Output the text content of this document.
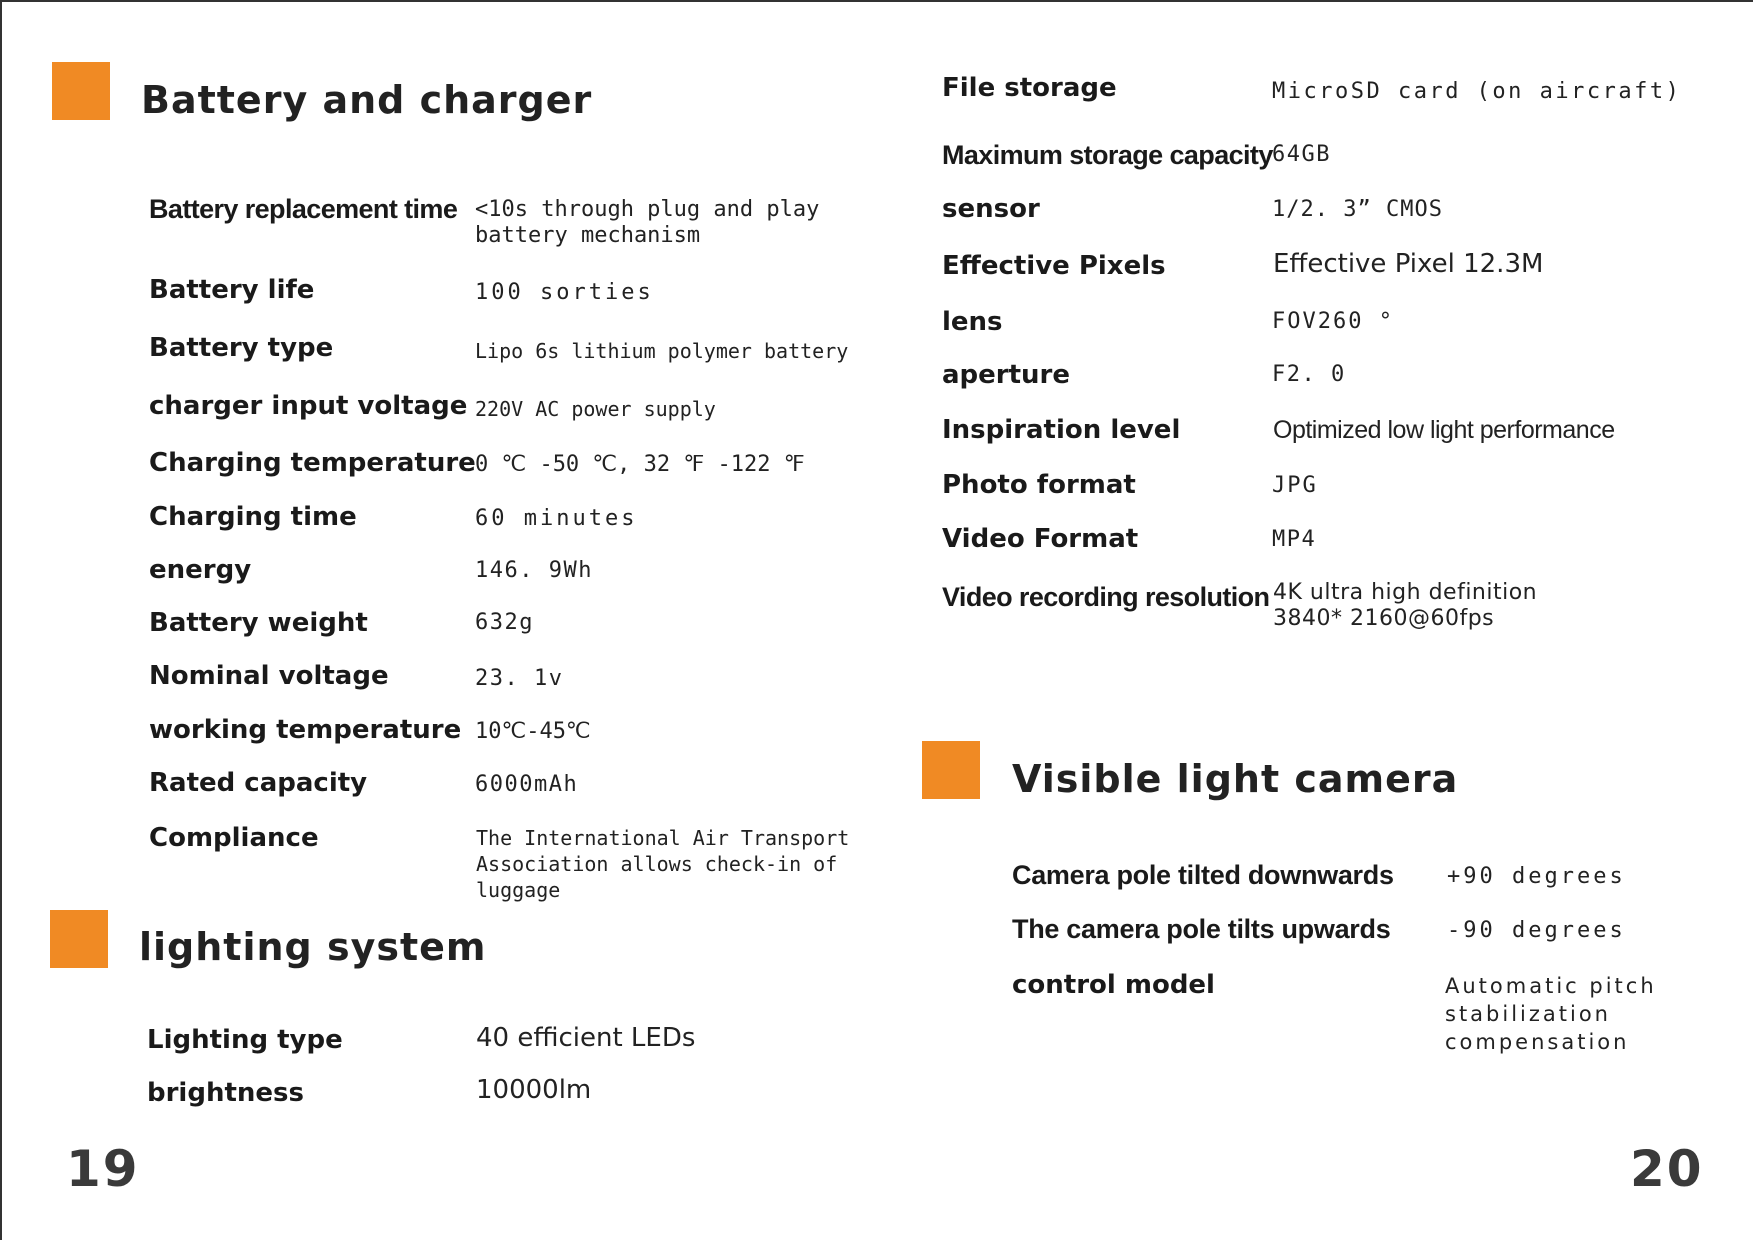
Battery and charger
Battery replacement time <10s through plug and play
battery mechanism
Battery life	100 sorties
Battery type	Lipo 6s lithium polymer battery
charger input voltage 220V AC power supply
Charging temperature 0 ℃ -50 ℃, 32 ℉ -122 ℉
Charging time	60 minutes
energy	146. 9Wh
Battery weight	632g
Nominal voltage	23. 1v
working temperature 10℃-45℃
Rated capacity	6000mAh
Compliance	The International Air Transport
Association allows check-in of
luggage
lighting system
Lighting type	40 efficient LEDs
brightness	10000lm
19
File storage	MicroSD card (on aircraft)
Maximum storage capacity 64GB
sensor	1/2. 3” CMOS
Effective Pixels	Effective Pixel 12.3M
lens	FOV260 °
aperture	F2. 0
Inspiration level	Optimized low light performance
Photo format	JPG
Video Format	MP4
Video recording resolution 4K ultra high definition
3840* 2160@60fps
Visible light camera
Camera pole tilted downwards +90 degrees
The camera pole tilts upwards	-90 degrees
control model	Automatic pitch
stabilization
compensation
20
